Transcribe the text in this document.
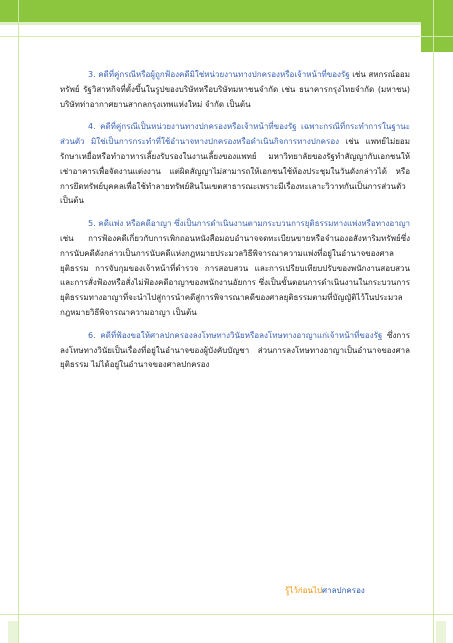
3. คดีที่คู่กรณีหรือผู้ถูกฟ้องคดีมิใช่หน่วยงานทางปกครองหรือเจ้าหน้าที่ของรัฐ เช่น สหกรณ์ออมทรัพย์ รัฐวิสาหกิจที่ตั้งขึ้นในรูปของบริษัทหรือบริษัทมหาชนจำกัด เช่น ธนาคารกรุงไทยจำกัด (มหาชน) บริษัทท่าอากาศยานสากลกรุงเทพแห่งใหม่ จำกัด เป็นต้น

4. คดีที่คู่กรณีเป็นหน่วยงานทางปกครองหรือเจ้าหน้าที่ของรัฐ เฉพาะกรณีที่กระทำการในฐานะส่วนตัว มิใช่เป็นการกระทำที่ใช้อำนาจทางปกครองหรือดำเนินกิจการทางปกครอง เช่น แพทย์ไม่ยอมรักษาเหยื่อหรือทำอาหารเลี้ยงรับรองในงานเลี้ยงของแพทย์ มหาวิทยาลัยของรัฐทำสัญญากับเอกชนให้เช่าอาคารเพื่อจัดงานแต่งงาน แต่ผิดสัญญาไม่สามารถให้เอกชนใช้ห้องประชุมในวันดังกล่าวได้ หรือการยึดทรัพย์บุคคลเพื่อใช้ทำลายทรัพย์สินในเขตสาธารณะเพราะมีเรื่องทะเลาะวิวาทกันเป็นการส่วนตัว เป็นต้น

5. คดีแพ่ง หรือคดีอาญา ซึ่งเป็นการดำเนินงานตามกระบวนการยุติธรรมทางแพ่งหรือทางอาญา เช่น การฟ้องคดีเกี่ยวกับการเพิกถอนหนังสือมอบอำนาจจดทะเบียนขายหรือจำนองอสังหาริมทรัพย์ซึ่งการนับคดีดังกล่าวเป็นการนับคดีแห่งกฎหมายประมวลวิธีพิจารณาความแพ่งที่อยู่ในอำนาจของศาลยุติธรรม การจับกุมของเจ้าหน้าที่ตำรวจ การสอบสวน และการเปรียบเทียบปรับของพนักงานสอบสวน และการสั่งฟ้องหรือสั่งไม่ฟ้องคดีอาญาของพนักงานอัยการ ซึ่งเป็นขั้นตอนการดำเนินงานในกระบวนการยุติธรรมทางอาญาที่จะนำไปสู่การนำคดีสู่การพิจารณาคดีของศาลยุติธรรมตามที่บัญญัติไว้ในประมวลกฎหมายวิธีพิจารณาความอาญา เป็นต้น

6. คดีที่ฟ้องขอให้ศาลปกครองลงโทษทางวินัยหรือลงโทษทางอาญาแก่เจ้าหน้าที่ของรัฐ ซึ่งการลงโทษทางวินัยเป็นเรื่องที่อยู่ในอำนาจของผู้บังคับบัญชา ส่วนการลงโทษทางอาญาเป็นอำนาจของศาลยุติธรรม ไม่ได้อยู่ในอำนาจของศาลปกครอง

รู้ไว้ก่อนไปศาลปกครอง
